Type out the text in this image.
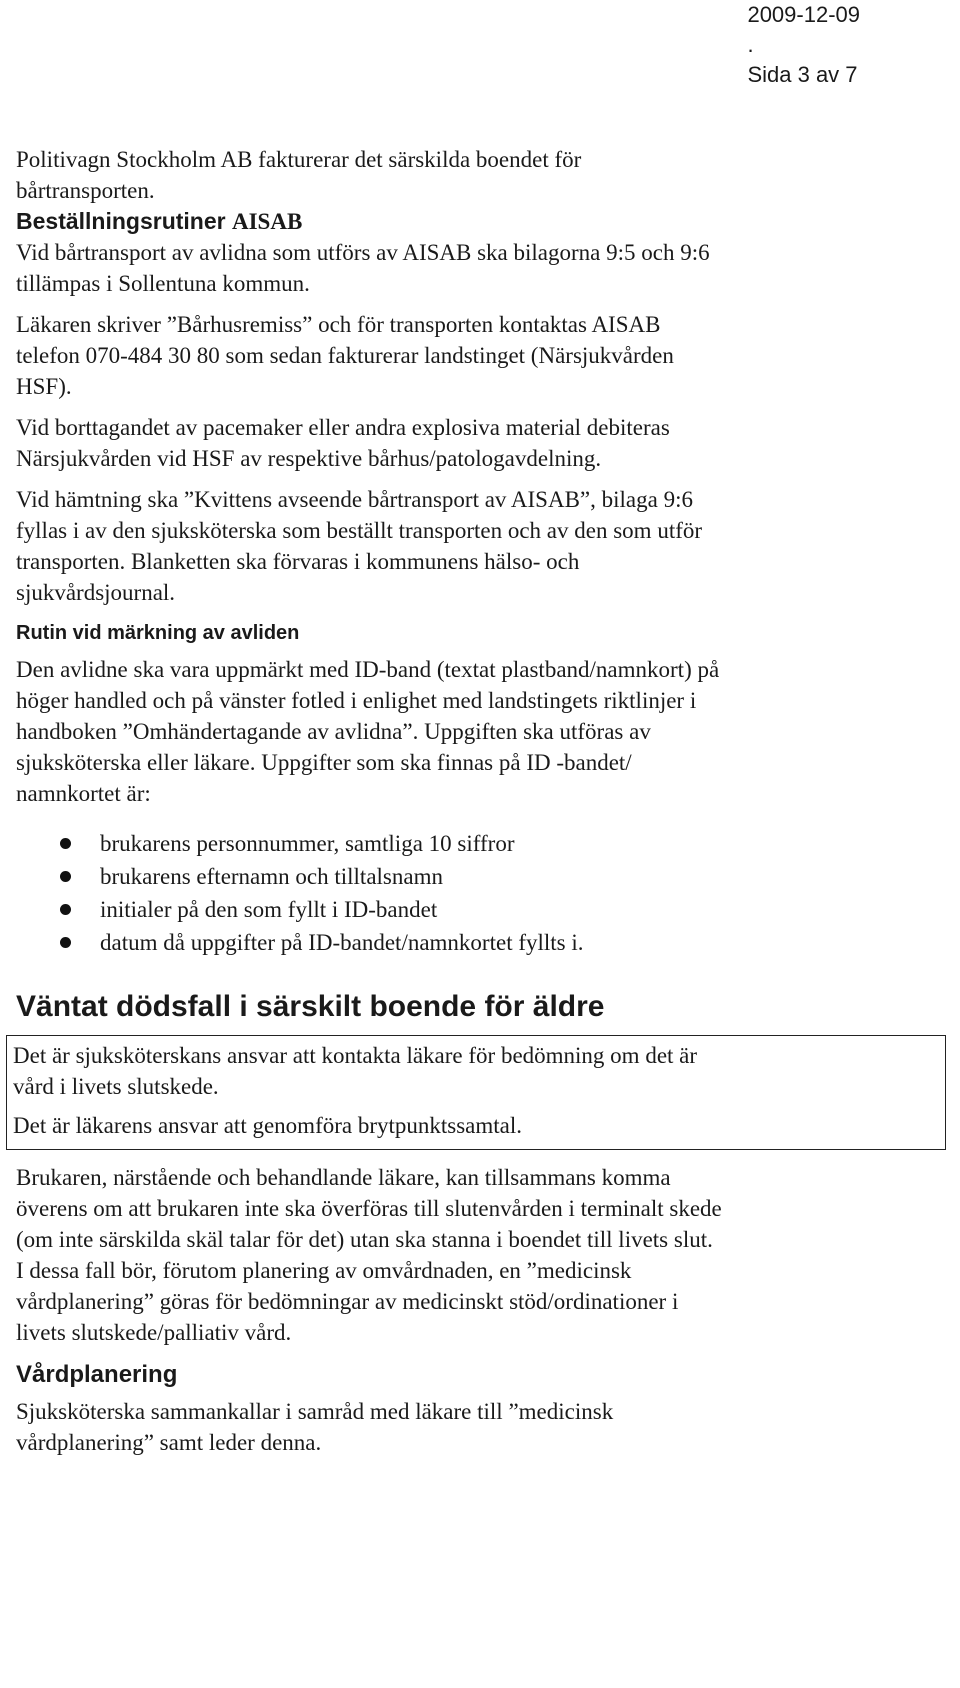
2009-12-09
.
Sida 3 av 7
Politivagn Stockholm AB fakturerar det särskilda boendet för
bårtransporten.
Beställningsrutiner AISAB
Vid bårtransport av avlidna som utförs av AISAB ska bilagorna 9:5 och 9:6
tillämpas i Sollentuna kommun.
Läkaren skriver ”Bårhusremiss” och för transporten kontaktas AISAB
telefon 070-484 30 80 som sedan fakturerar landstinget (Närsjukvården
HSF).
Vid borttagandet av pacemaker eller andra explosiva material debiteras
Närsjukvården vid HSF av respektive bårhus/patologavdelning.
Vid hämtning ska ”Kvittens avseende bårtransport av AISAB”, bilaga 9:6
fyllas i av den sjuksköterska som beställt transporten och av den som utför
transporten. Blanketten ska förvaras i kommunens hälso- och
sjukvårdsjournal.
Rutin vid märkning av avliden
Den avlidne ska vara uppmärkt med ID-band (textat plastband/namnkort) på
höger handled och på vänster fotled i enlighet med landstingets riktlinjer i
handboken ”Omhändertagande av avlidna”. Uppgiften ska utföras av
sjuksköterska eller läkare. Uppgifter som ska finnas på ID -bandet/
namnkortet är:
brukarens personnummer, samtliga 10 siffror
brukarens efternamn och tilltalsnamn
initialer på den som fyllt i ID-bandet
datum då uppgifter på ID-bandet/namnkortet fyllts i.
Väntat dödsfall i särskilt boende för äldre
Det är sjuksköterskans ansvar att kontakta läkare för bedömning om det är
vård i livets slutskede.
Det är läkarens ansvar att genomföra brytpunktssamtal.
Brukaren, närstående och behandlande läkare, kan tillsammans komma
överens om att brukaren inte ska överföras till slutenvården i terminalt skede
(om inte särskilda skäl talar för det) utan ska stanna i boendet till livets slut.
I dessa fall bör, förutom planering av omvårdnaden, en ”medicinsk
vårdplanering” göras för bedömningar av medicinskt stöd/ordinationer i
livets slutskede/palliativ vård.
Vårdplanering
Sjuksköterska sammankallar i samråd med läkare till ”medicinsk
vårdplanering” samt leder denna.
